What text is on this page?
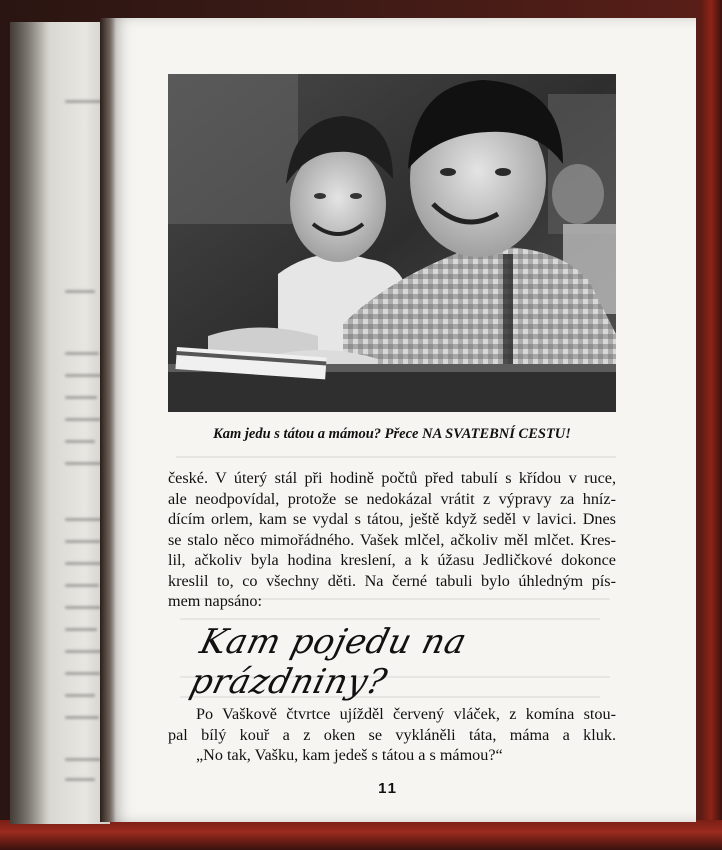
Kam jedu s tátou a mámou? Přece NA SVATEBNÍ CESTU!
české. V úterý stál při hodině počtů před tabulí s křídou v ruce,
ale neodpovídal, protože se nedokázal vrátit z výpravy za hníz-
dícím orlem, kam se vydal s tátou, ještě když seděl v lavici. Dnes
se stalo něco mimořádného. Vašek mlčel, ačkoliv měl mlčet. Kres-
lil, ačkoliv byla hodina kreslení, a k úžasu Jedličkové dokonce
kreslil to, co všechny děti. Na černé tabuli bylo úhledným pís-
mem napsáno:
Kam pojedu na prázdniny?
Po Vaškově čtvrtce ujížděl červený vláček, z komína stou-
pal bílý kouř a z oken se vykláněli táta, máma a kluk.
„No tak, Vašku, kam jedeš s tátou a s mámou?“
11
